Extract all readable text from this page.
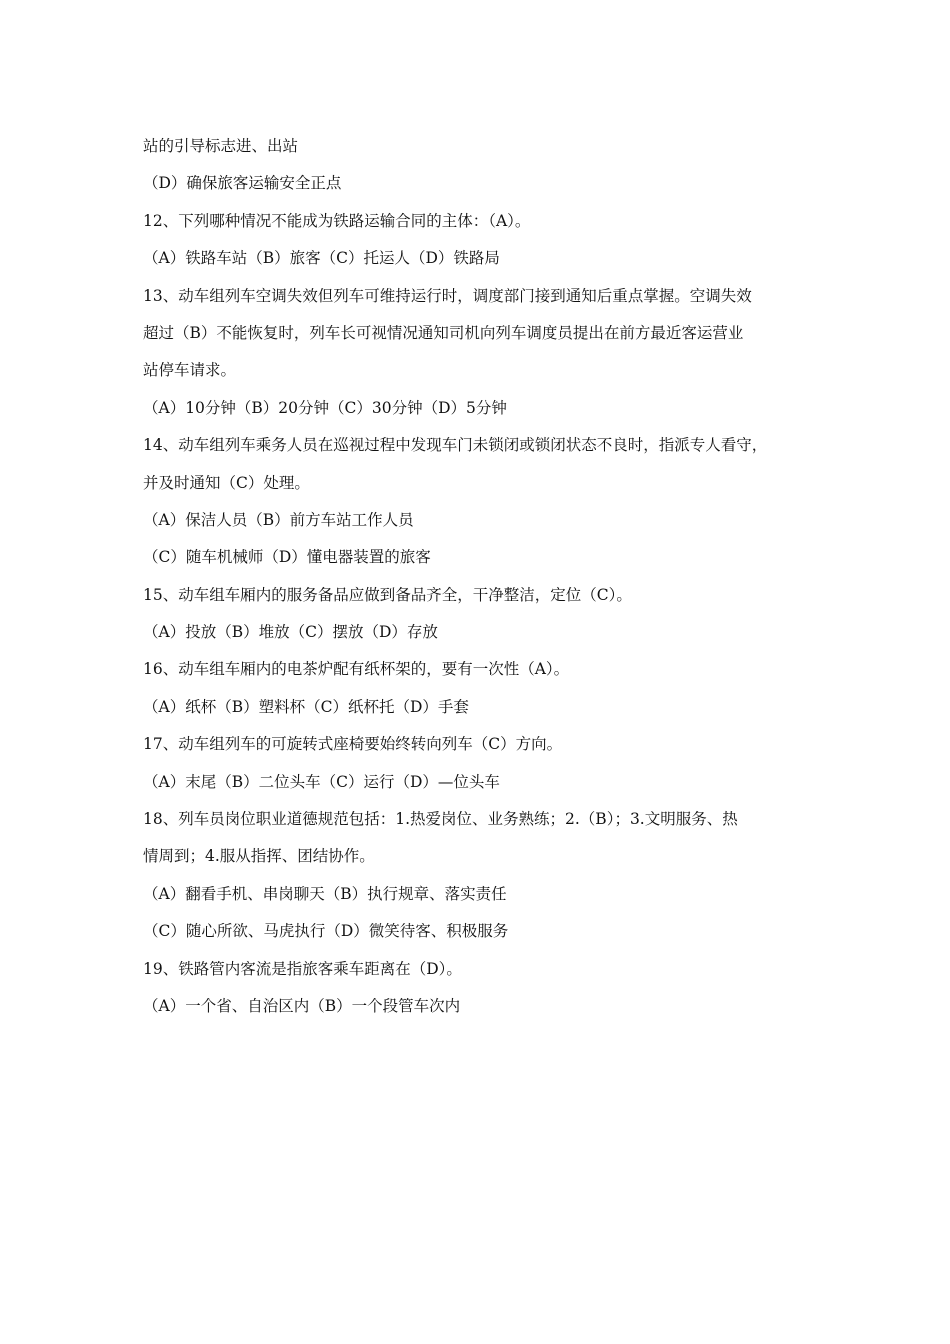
站的引导标志进、出站
（D）确保旅客运输安全正点
12、下列哪种情况不能成为铁路运输合同的主体：（A）。
（A）铁路车站（B）旅客（C）托运人（D）铁路局
13、动车组列车空调失效但列车可维持运行时，调度部门接到通知后重点掌握。空调失效
超过（B）不能恢复时，列车长可视情况通知司机向列车调度员提出在前方最近客运营业
站停车请求。
（A）10分钟（B）20分钟（C）30分钟（D）5分钟
14、动车组列车乘务人员在巡视过程中发现车门未锁闭或锁闭状态不良时，指派专人看守，
并及时通知（C）处理。
（A）保洁人员（B）前方车站工作人员
（C）随车机械师（D）懂电器装置的旅客
15、动车组车厢内的服务备品应做到备品齐全，干净整洁，定位（C）。
（A）投放（B）堆放（C）摆放（D）存放
16、动车组车厢内的电茶炉配有纸杯架的，要有一次性（A）。
（A）纸杯（B）塑料杯（C）纸杯托（D）手套
17、动车组列车的可旋转式座椅要始终转向列车（C）方向。
（A）末尾（B）二位头车（C）运行（D）—位头车
18、列车员岗位职业道德规范包括：1.热爱岗位、业务熟练；2.（B）；3.文明服务、热
情周到；4.服从指挥、团结协作。
（A）翻看手机、串岗聊天（B）执行规章、落实责任
（C）随心所欲、马虎执行（D）微笑待客、积极服务
19、铁路管内客流是指旅客乘车距离在（D）。
（A）一个省、自治区内（B）一个段管车次内
